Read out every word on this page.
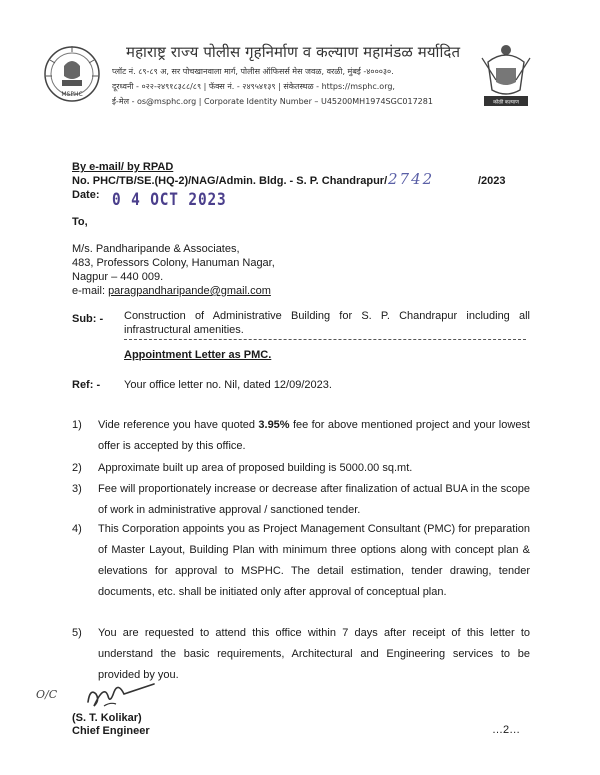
MSPHC
महाराष्ट्र राज्य पोलीस गृहनिर्माण व कल्याण महामंडळ मर्यादित
प्लॉट नं. ८९-८९ अ, सर पोचखानवाला मार्ग, पोलीस ऑफिसर्स मेस जवळ, वरळी, मुंबई -४०००३०.
दूरध्वनी - ०२२-२४९१८३८८/८९ | फॅक्स नं. - २४९५४१३९ | संकेतस्थळ - https://msphc.org,
ई-मेल - os@msphc.org | Corporate Identity Number – U45200MH1974SGC017281	कोळी कल्याण
By e-mail/ by RPAD
No. PHC/TB/SE.(HQ-2)/NAG/Admin. Bldg. - S. P. Chandrapur/ 2742	/2023
Date: 0 4 OCT 2023
To,
M/s. Pandharipande & Associates,
483, Professors Colony, Hanuman Nagar,
Nagpur – 440 009.
e-mail: paragpandharipande@gmail.com
Sub: - Construction of Administrative Building for S. P. Chandrapur including all infrastructural amenities.
Appointment Letter as PMC.
Ref: - Your office letter no. Nil, dated 12/09/2023.
1) Vide reference you have quoted 3.95% fee for above mentioned project and your lowest offer is accepted by this office.
2) Approximate built up area of proposed building is 5000.00 sq.mt.
3) Fee will proportionately increase or decrease after finalization of actual BUA in the scope of work in administrative approval / sanctioned tender.
4) This Corporation appoints you as Project Management Consultant (PMC) for preparation of Master Layout, Building Plan with minimum three options along with concept plan & elevations for approval to MSPHC. The detail estimation, tender drawing, tender documents, etc. shall be initiated only after approval of conceptual plan.
5) You are requested to attend this office within 7 days after receipt of this letter to understand the basic requirements, Architectural and Engineering services to be provided by you.
O/C
(S. T. Kolikar)
Chief Engineer	…2…
